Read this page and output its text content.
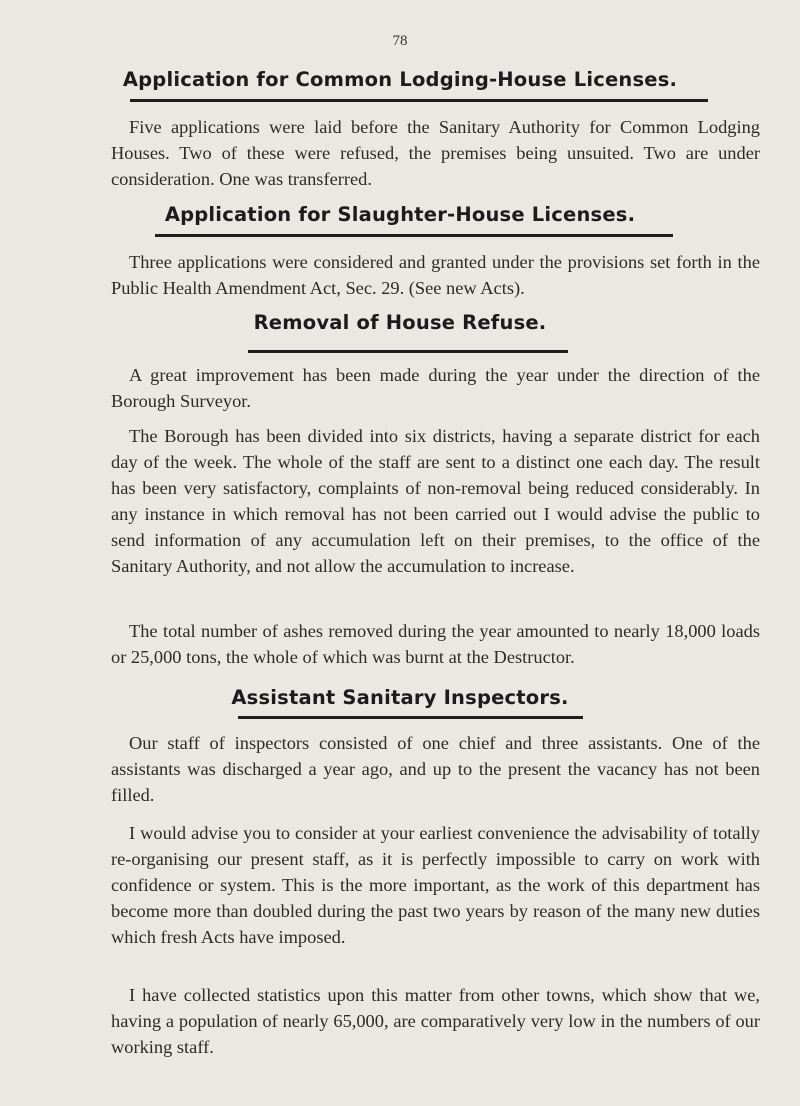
78
Application for Common Lodging-House Licenses.

Five applications were laid before the Sanitary Authority for Common Lodging Houses. Two of these were refused, the premises being unsuited. Two are under consideration. One was transferred.

Application for Slaughter-House Licenses.

Three applications were considered and granted under the provisions set forth in the Public Health Amendment Act, Sec. 29. (See new Acts).

Removal of House Refuse.

A great improvement has been made during the year under the direction of the Borough Surveyor.

The Borough has been divided into six districts, having a separate district for each day of the week. The whole of the staff are sent to a distinct one each day. The result has been very satisfactory, complaints of non-removal being reduced considerably. In any instance in which removal has not been carried out I would advise the public to send information of any accumulation left on their premises, to the office of the Sanitary Authority, and not allow the accumulation to increase.

The total number of ashes removed during the year amounted to nearly 18,000 loads or 25,000 tons, the whole of which was burnt at the Destructor.

Assistant Sanitary Inspectors.

Our staff of inspectors consisted of one chief and three assistants. One of the assistants was discharged a year ago, and up to the present the vacancy has not been filled.

I would advise you to consider at your earliest convenience the advisability of totally re-organising our present staff, as it is perfectly impossible to carry on work with confidence or system. This is the more important, as the work of this department has become more than doubled during the past two years by reason of the many new duties which fresh Acts have imposed.

I have collected statistics upon this matter from other towns, which show that we, having a population of nearly 65,000, are comparatively very low in the numbers of our working staff.
